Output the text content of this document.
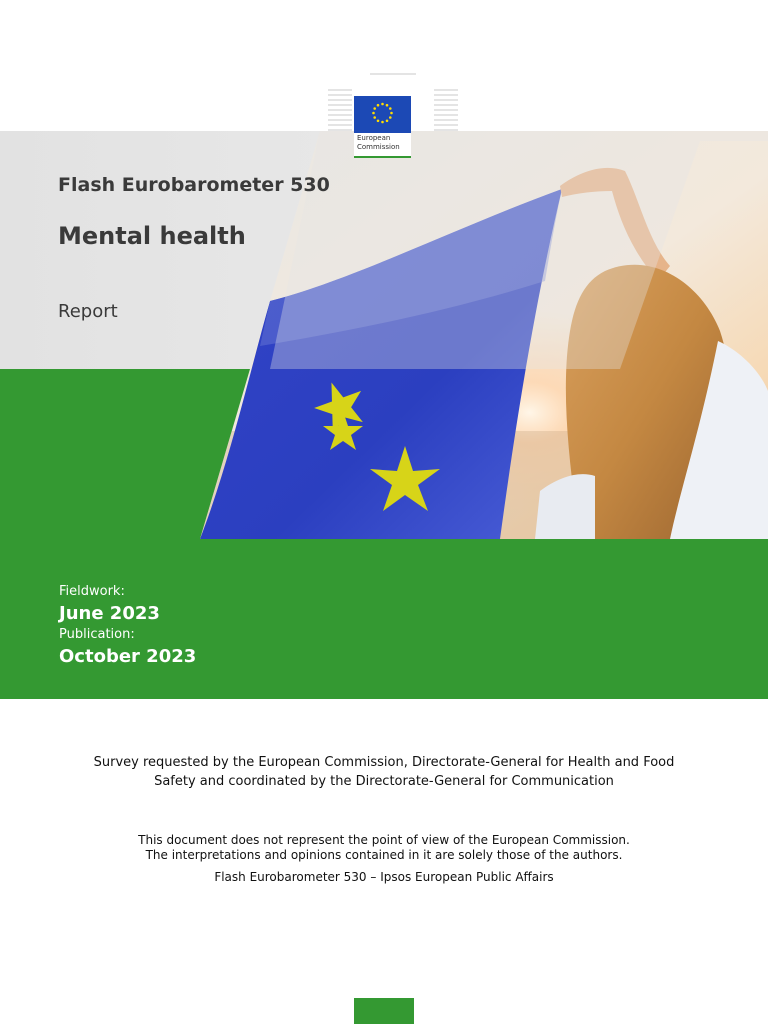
European
Commission
Flash Eurobarometer 530
Mental health
Report
Fieldwork:
June 2023
Publication:
October 2023
Survey requested by the European Commission, Directorate-General for Health and Food
Safety and coordinated by the Directorate-General for Communication
This document does not represent the point of view of the European Commission.
The interpretations and opinions contained in it are solely those of the authors.
Flash Eurobarometer 530 – Ipsos European Public Affairs
